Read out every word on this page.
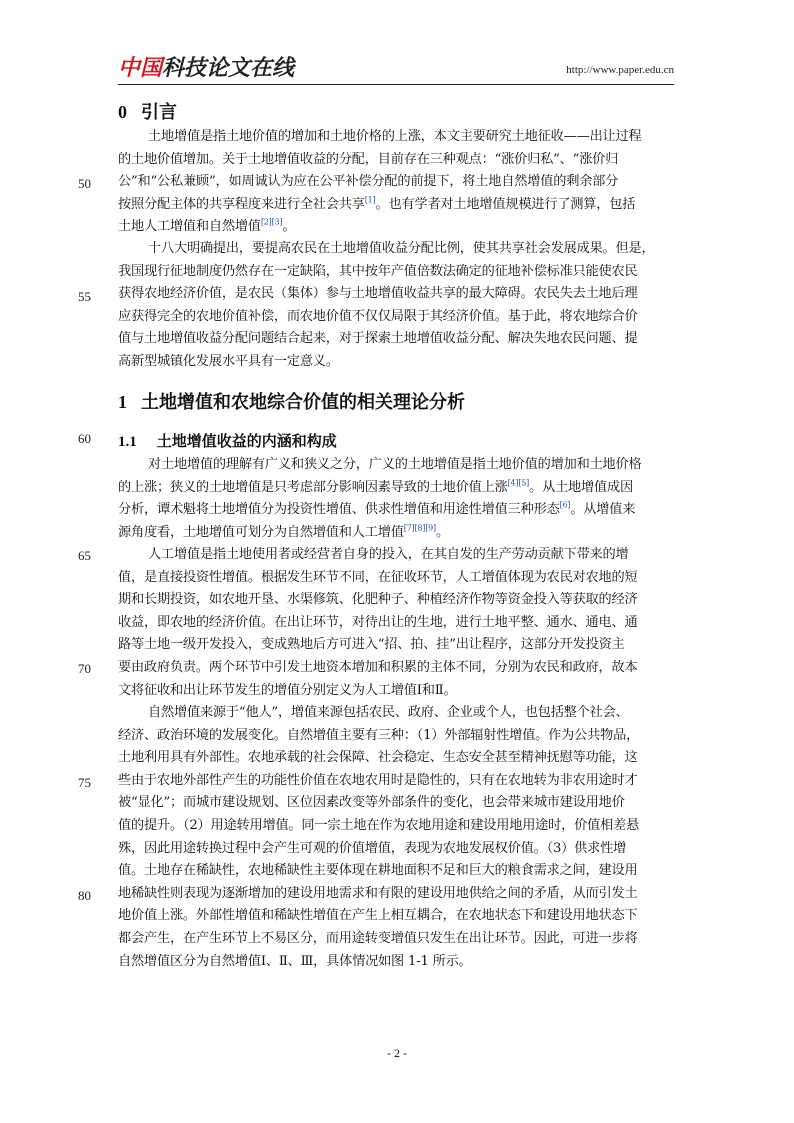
中国科技论文在线	http://www.paper.edu.cn
50
55
60
65
70
75
80
0 引言
土地增值是指土地价值的增加和土地价格的上涨，本文主要研究土地征收——出让过程
的土地价值增加。关于土地增值收益的分配，目前存在三种观点：“涨价归私”、“涨价归
公”和“公私兼顾”，如周诚认为应在公平补偿分配的前提下，将土地自然增值的剩余部分
按照分配主体的共享程度来进行全社会共享[1]。也有学者对土地增值规模进行了测算，包括
土地人工增值和自然增值[2][3]。
十八大明确提出，要提高农民在土地增值收益分配比例，使其共享社会发展成果。但是，
我国现行征地制度仍然存在一定缺陷，其中按年产值倍数法确定的征地补偿标准只能使农民
获得农地经济价值，是农民（集体）参与土地增值收益共享的最大障碍。农民失去土地后理
应获得完全的农地价值补偿，而农地价值不仅仅局限于其经济价值。基于此，将农地综合价
值与土地增值收益分配问题结合起来，对于探索土地增值收益分配、解决失地农民问题、提
高新型城镇化发展水平具有一定意义。
1 土地增值和农地综合价值的相关理论分析
1.1 土地增值收益的内涵和构成
对土地增值的理解有广义和狭义之分，广义的土地增值是指土地价值的增加和土地价格
的上涨；狭义的土地增值是只考虑部分影响因素导致的土地价值上涨[4][5]。从土地增值成因
分析，谭术魁将土地增值分为投资性增值、供求性增值和用途性增值三种形态[6]。从增值来
源角度看，土地增值可划分为自然增值和人工增值[7][8][9]。
人工增值是指土地使用者或经营者自身的投入，在其自发的生产劳动贡献下带来的增
值，是直接投资性增值。根据发生环节不同，在征收环节，人工增值体现为农民对农地的短
期和长期投资，如农地开垦、水渠修筑、化肥种子、种植经济作物等资金投入等获取的经济
收益，即农地的经济价值。在出让环节，对待出让的生地，进行土地平整、通水、通电、通
路等土地一级开发投入，变成熟地后方可进入“招、拍、挂”出让程序，这部分开发投资主
要由政府负责。两个环节中引发土地资本增加和积累的主体不同，分别为农民和政府，故本
文将征收和出让环节发生的增值分别定义为人工增值Ⅰ和Ⅱ。
自然增值来源于“他人”，增值来源包括农民、政府、企业或个人，也包括整个社会、
经济、政治环境的发展变化。自然增值主要有三种：（1）外部辐射性增值。作为公共物品，
土地利用具有外部性。农地承载的社会保障、社会稳定、生态安全甚至精神抚慰等功能，这
些由于农地外部性产生的功能性价值在农地农用时是隐性的，只有在农地转为非农用途时才
被“显化”；而城市建设规划、区位因素改变等外部条件的变化，也会带来城市建设用地价
值的提升。（2）用途转用增值。同一宗土地在作为农地用途和建设用地用途时，价值相差悬
殊，因此用途转换过程中会产生可观的价值增值，表现为农地发展权价值。（3）供求性增
值。土地存在稀缺性，农地稀缺性主要体现在耕地面积不足和巨大的粮食需求之间，建设用
地稀缺性则表现为逐渐增加的建设用地需求和有限的建设用地供给之间的矛盾，从而引发土
地价值上涨。外部性增值和稀缺性增值在产生上相互耦合，在农地状态下和建设用地状态下
都会产生，在产生环节上不易区分，而用途转变增值只发生在出让环节。因此，可进一步将
自然增值区分为自然增值Ⅰ、Ⅱ、Ⅲ，具体情况如图 1-1 所示。
- 2 -
